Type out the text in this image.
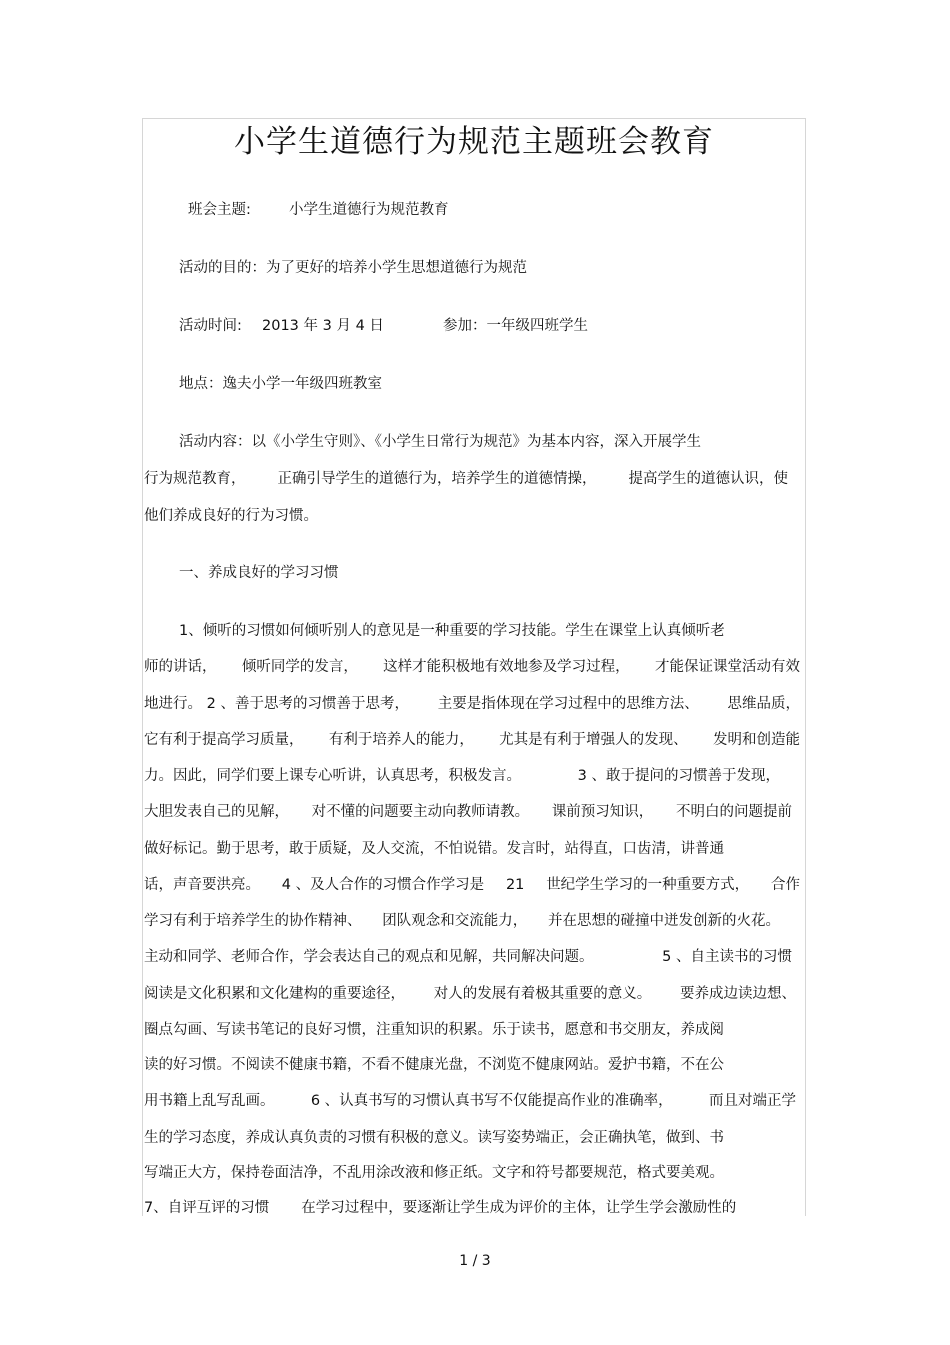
小学生道德行为规范主题班会教育
班会主题:	小学生道德行为规范教育
活动的目的：为了更好的培养小学生思想道德行为规范
活动时间: 2013 年 3 月 4 日	参加：一年级四班学生
地点：逸夫小学一年级四班教室
活动内容：以《小学生守则》、《小学生日常行为规范》为基本内容，深入开展学生
行为规范教育， 正确引导学生的道德行为，培养学生的道德情操， 提高学生的道德认识，使
他们养成良好的行为习惯。
一、养成良好的学习习惯
1、倾听的习惯如何倾听别人的意见是一种重要的学习技能。学生在课堂上认真倾听老
师的讲话， 倾听同学的发言， 这样才能积极地有效地参及学习过程， 才能保证课堂活动有效
地进行。 2 、善于思考的习惯善于思考， 主要是指体现在学习过程中的思维方法、 思维品质，
它有利于提高学习质量， 有利于培养人的能力， 尤其是有利于增强人的发现、 发明和创造能
力。因此，同学们要上课专心听讲，认真思考，积极发言。	3 、敢于提问的习惯善于发现，
大胆发表自己的见解， 对不懂的问题要主动向教师请教。 课前预习知识， 不明白的问题提前
做好标记。勤于思考，敢于质疑，及人交流，不怕说错。发言时，站得直，口齿清，讲普通
话，声音要洪亮。 4 、及人合作的习惯合作学习是 21 世纪学生学习的一种重要方式， 合作
学习有利于培养学生的协作精神、 团队观念和交流能力， 并在思想的碰撞中迸发创新的火花。
主动和同学、老师合作，学会表达自己的观点和见解，共同解决问题。	5 、自主读书的习惯
阅读是文化积累和文化建构的重要途径， 对人的发展有着极其重要的意义。 要养成边读边想、
圈点勾画、写读书笔记的良好习惯，注重知识的积累。乐于读书，愿意和书交朋友，养成阅
读的好习惯。不阅读不健康书籍，不看不健康光盘，不浏览不健康网站。爱护书籍，不在公
用书籍上乱写乱画。	6 、认真书写的习惯认真书写不仅能提高作业的准确率，	而且对端正学
生的学习态度，养成认真负责的习惯有积极的意义。读写姿势端正，会正确执笔，做到、书
写端正大方，保持卷面洁净，不乱用涂改液和修正纸。文字和符号都要规范，格式要美观。
7、自评互评的习惯 在学习过程中，要逐渐让学生成为评价的主体，让学生学会激励性的
1 / 3
